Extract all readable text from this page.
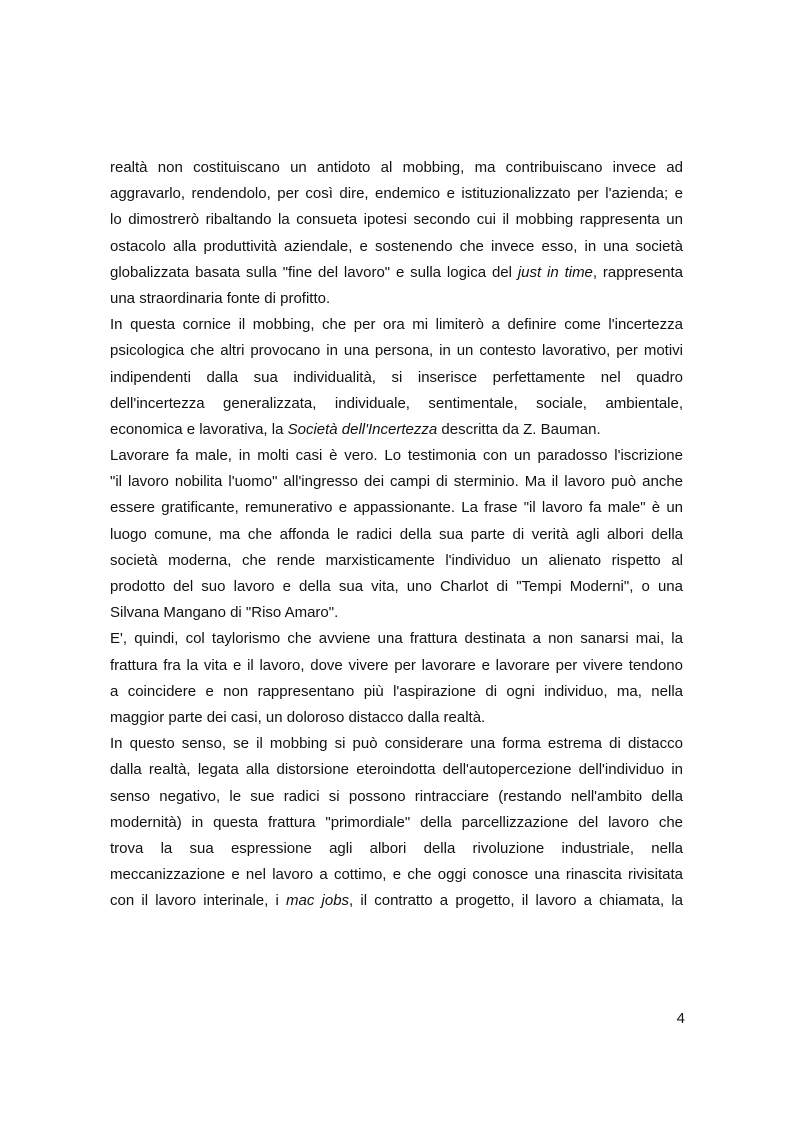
realtà non costituiscano un antidoto al mobbing, ma contribuiscano invece ad
aggravarlo, rendendolo, per così dire, endemico e istituzionalizzato per l'azienda; e
lo dimostrerò ribaltando la consueta ipotesi secondo cui il mobbing rappresenta un
ostacolo alla produttività aziendale, e sostenendo che invece esso, in una società
globalizzata basata sulla "fine del lavoro" e sulla logica del just in time, rappresenta
una straordinaria fonte di profitto.
In questa cornice il mobbing, che per ora mi limiterò a definire come l'incertezza
psicologica che altri provocano in una persona, in un contesto lavorativo, per motivi
indipendenti dalla sua individualità, si inserisce perfettamente nel quadro
dell'incertezza generalizzata, individuale, sentimentale, sociale, ambientale,
economica e lavorativa, la Società dell'Incertezza descritta da Z. Bauman.
Lavorare fa male, in molti casi è vero. Lo testimonia con un paradosso l'iscrizione
"il lavoro nobilita l'uomo" all'ingresso dei campi di sterminio. Ma il lavoro può anche
essere gratificante, remunerativo e appassionante. La frase "il lavoro fa male" è un
luogo comune, ma che affonda le radici della sua parte di verità agli albori della
società moderna, che rende marxisticamente l'individuo un alienato rispetto al
prodotto del suo lavoro e della sua vita, uno Charlot di "Tempi Moderni", o una
Silvana Mangano di "Riso Amaro".
E', quindi, col taylorismo che avviene una frattura destinata a non sanarsi mai, la
frattura fra la vita e il lavoro, dove vivere per lavorare e lavorare per vivere tendono
a coincidere e non rappresentano più l'aspirazione di ogni individuo, ma, nella
maggior parte dei casi, un doloroso distacco dalla realtà.
In questo senso, se il mobbing si può considerare una forma estrema di distacco
dalla realtà, legata alla distorsione eteroindotta dell'autopercezione dell'individuo in
senso negativo, le sue radici si possono rintracciare (restando nell'ambito della
modernità) in questa frattura "primordiale" della parcellizzazione del lavoro che
trova la sua espressione agli albori della rivoluzione industriale, nella
meccanizzazione e nel lavoro a cottimo, e che oggi conosce una rinascita rivisitata
con il lavoro interinale, i mac jobs, il contratto a progetto, il lavoro a chiamata, la
4
